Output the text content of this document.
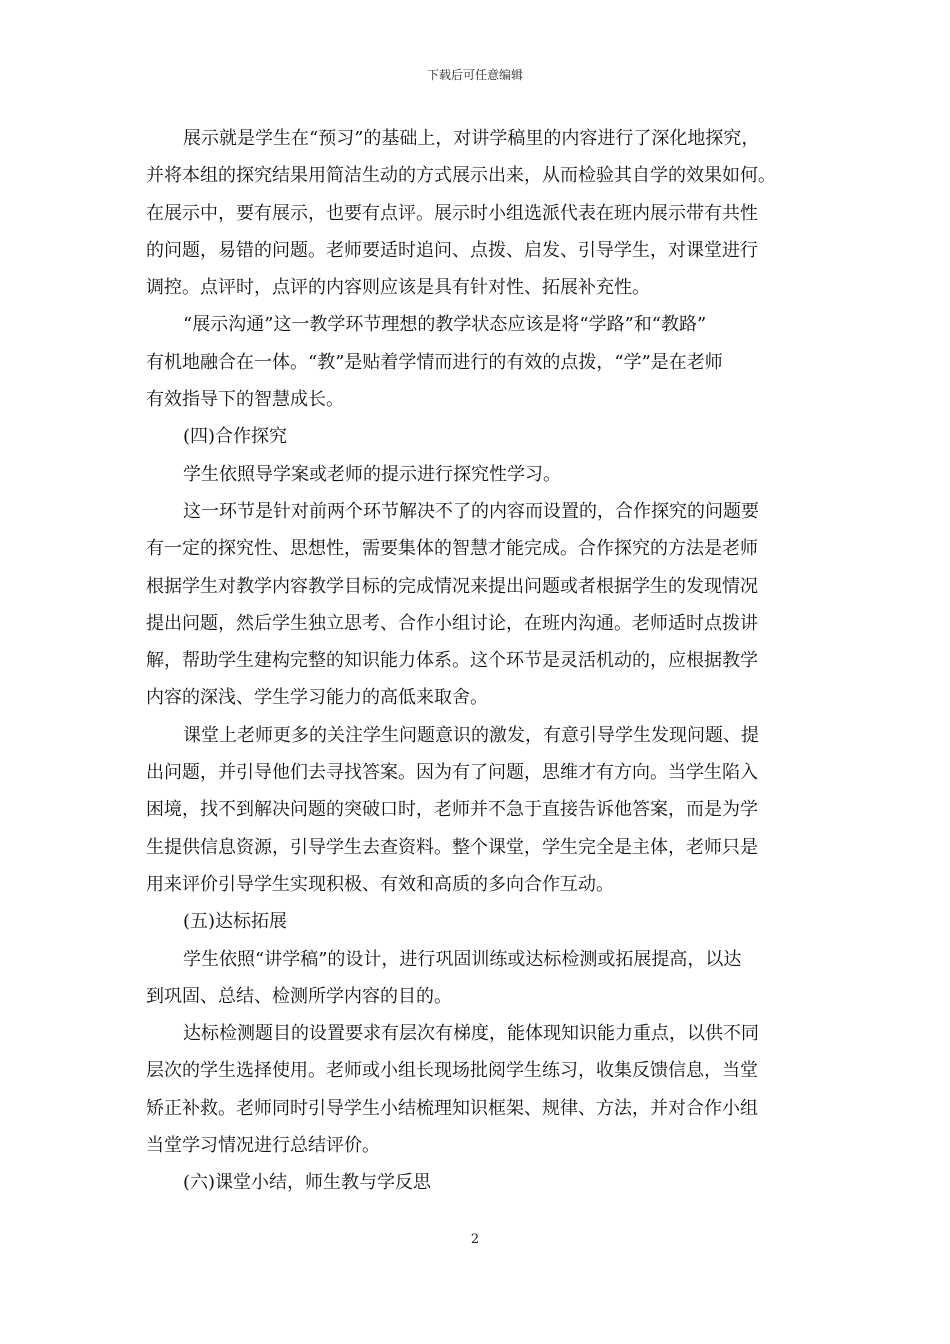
下载后可任意编辑
展示就是学生在“预习”的基础上，对讲学稿里的内容进行了深化地探究，
并将本组的探究结果用简洁生动的方式展示出来，从而检验其自学的效果如何。
在展示中，要有展示，也要有点评。展示时小组选派代表在班内展示带有共性
的问题，易错的问题。老师要适时追问、点拨、启发、引导学生，对课堂进行
调控。点评时，点评的内容则应该是具有针对性、拓展补充性。
“展示沟通”这一教学环节理想的教学状态应该是将“学路”和“教路”
有机地融合在一体。“教”是贴着学情而进行的有效的点拨，“学”是在老师
有效指导下的智慧成长。
(四)合作探究
学生依照导学案或老师的提示进行探究性学习。
这一环节是针对前两个环节解决不了的内容而设置的，合作探究的问题要
有一定的探究性、思想性，需要集体的智慧才能完成。合作探究的方法是老师
根据学生对教学内容教学目标的完成情况来提出问题或者根据学生的发现情况
提出问题，然后学生独立思考、合作小组讨论，在班内沟通。老师适时点拨讲
解，帮助学生建构完整的知识能力体系。这个环节是灵活机动的，应根据教学
内容的深浅、学生学习能力的高低来取舍。
课堂上老师更多的关注学生问题意识的激发，有意引导学生发现问题、提
出问题，并引导他们去寻找答案。因为有了问题，思维才有方向。当学生陷入
困境，找不到解决问题的突破口时，老师并不急于直接告诉他答案，而是为学
生提供信息资源，引导学生去查资料。整个课堂，学生完全是主体，老师只是
用来评价引导学生实现积极、有效和高质的多向合作互动。
(五)达标拓展
学生依照“讲学稿”的设计，进行巩固训练或达标检测或拓展提高，以达
到巩固、总结、检测所学内容的目的。
达标检测题目的设置要求有层次有梯度，能体现知识能力重点，以供不同
层次的学生选择使用。老师或小组长现场批阅学生练习，收集反馈信息，当堂
矫正补救。老师同时引导学生小结梳理知识框架、规律、方法，并对合作小组
当堂学习情况进行总结评价。
(六)课堂小结，师生教与学反思
2
